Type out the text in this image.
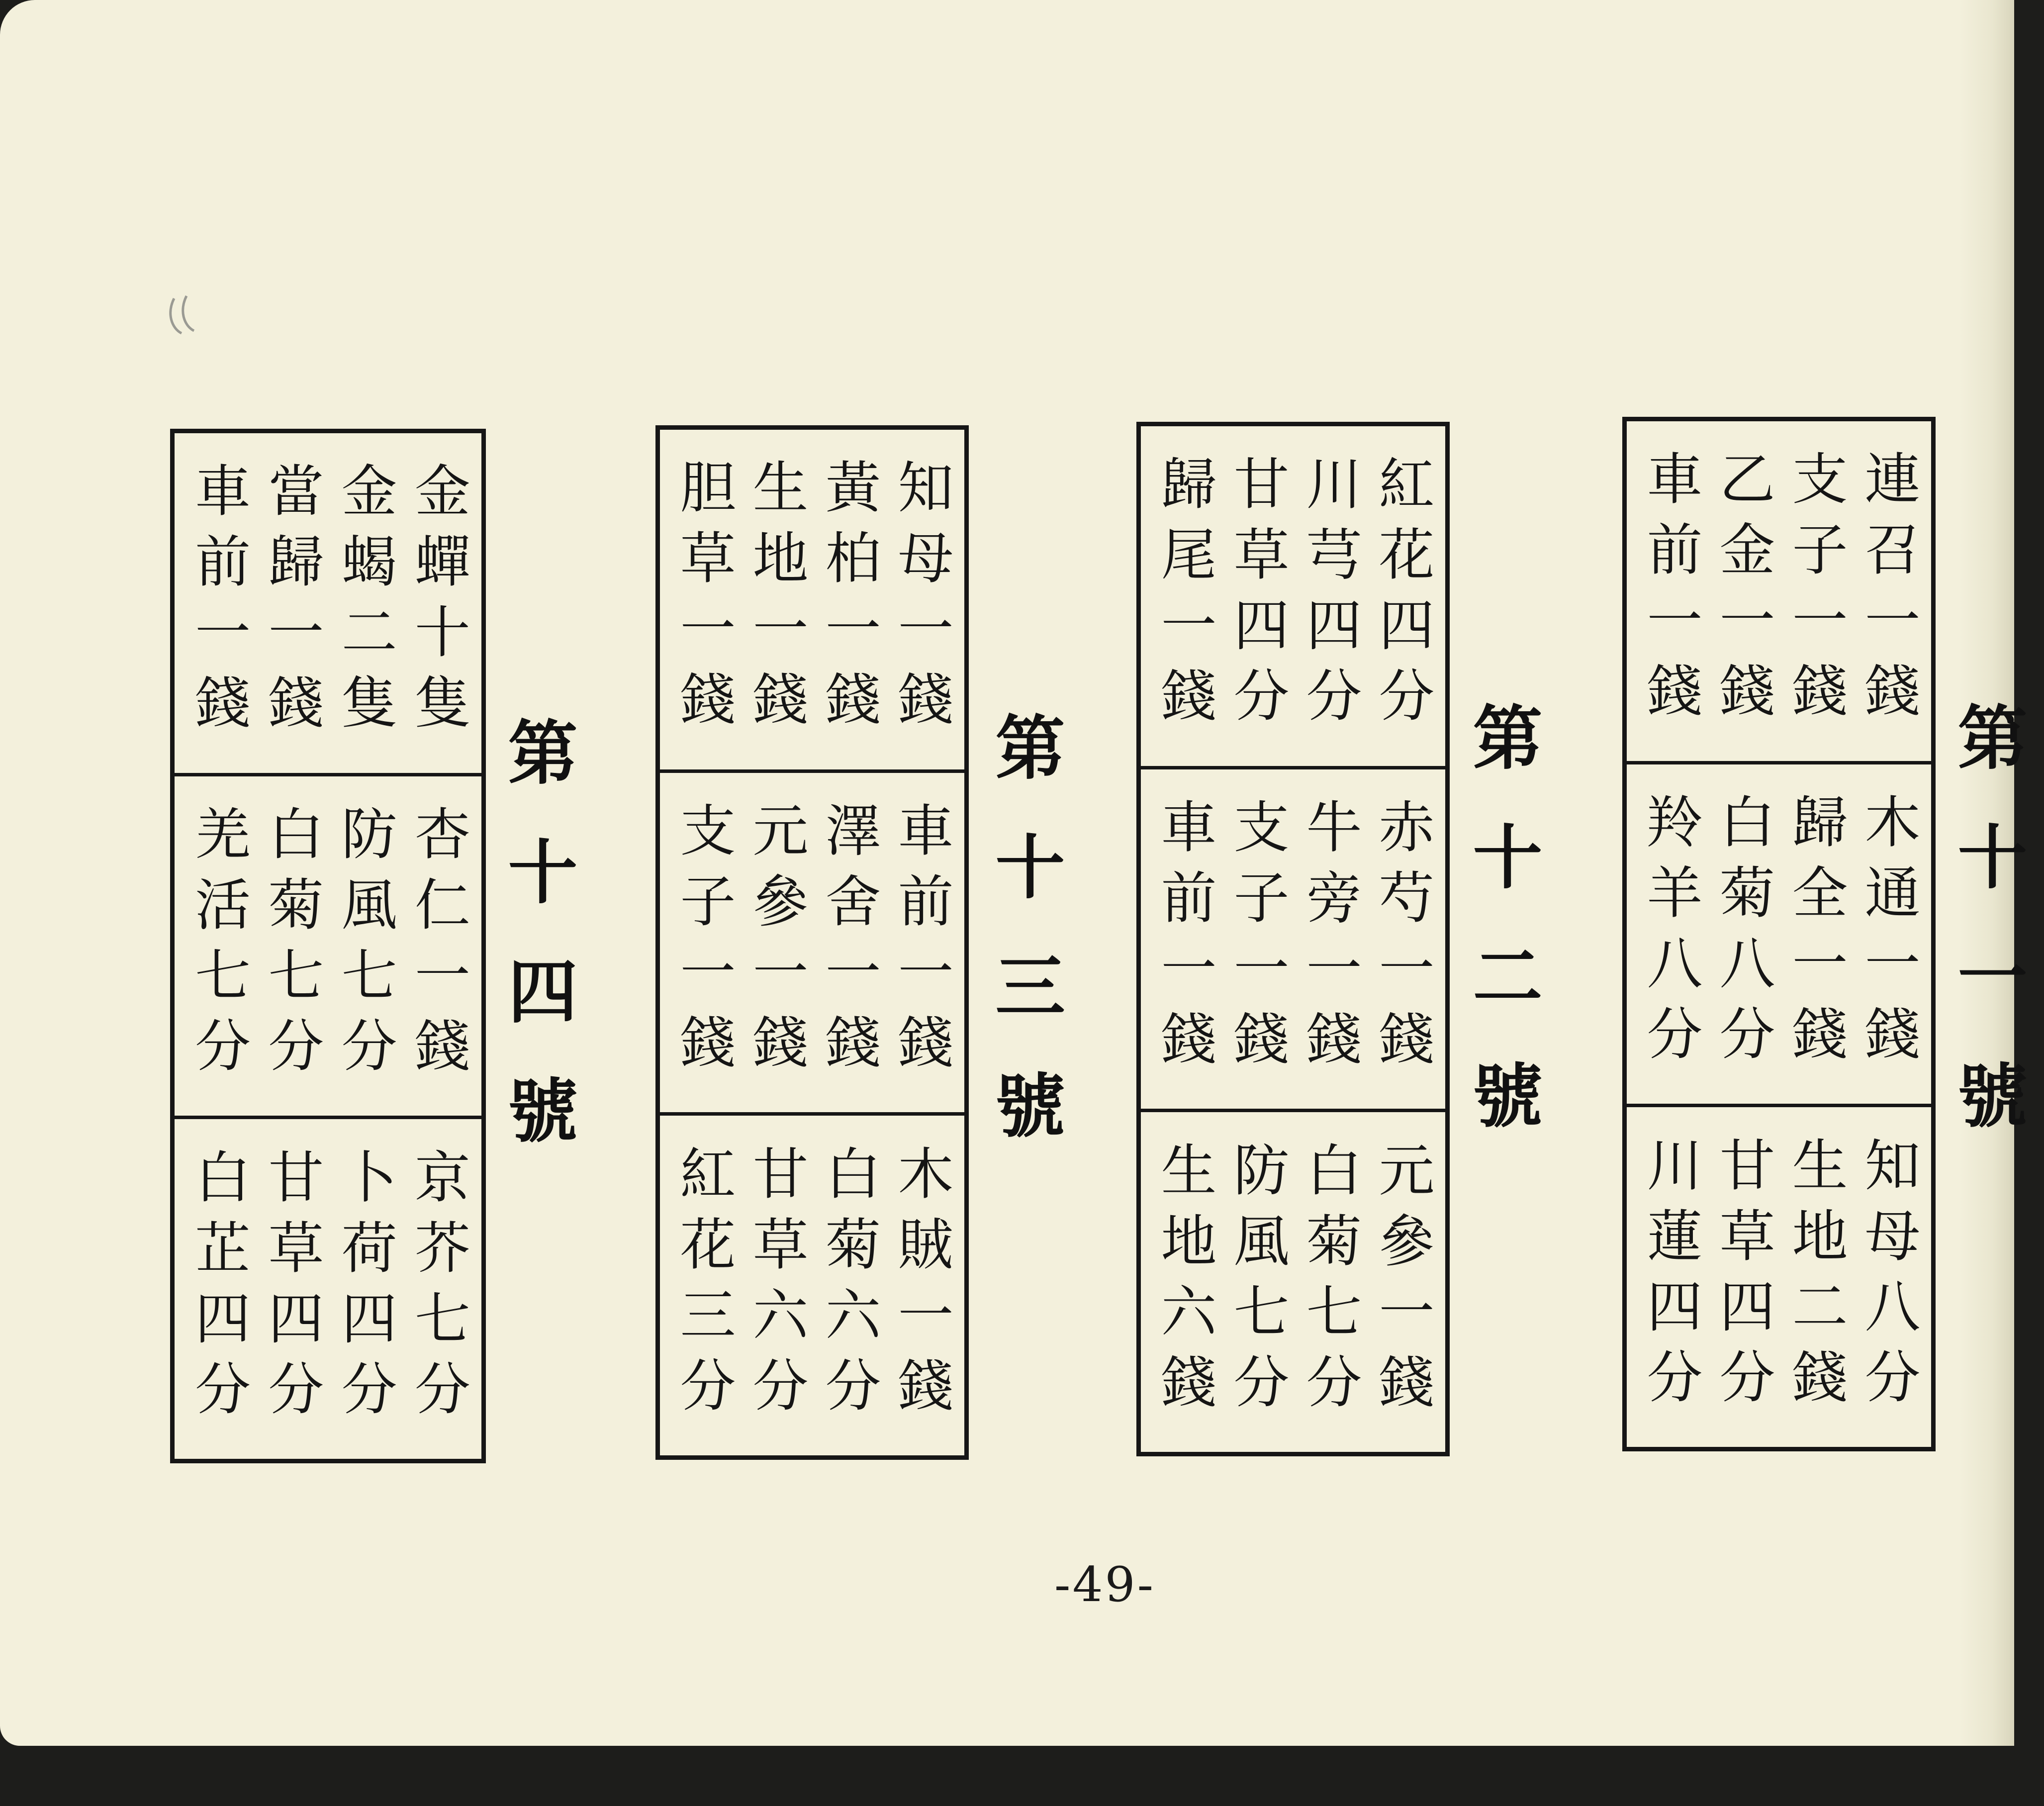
連召一錢
支子一錢
乙金一錢
車前一錢
木通一錢
歸全一錢
白菊八分
羚羊八分
知母八分
生地二錢
甘草四分
川蓮四分
第十一號
紅花四分
川芎四分
甘草四分
歸尾一錢
赤芍一錢
牛旁一錢
支子一錢
車前一錢
元參一錢
白菊七分
防風七分
生地六錢
第十二號
知母一錢
黃柏一錢
生地一錢
胆草一錢
車前一錢
澤舍一錢
元參一錢
支子一錢
木賊一錢
白菊六分
甘草六分
紅花三分
第十三號
金蟬十隻
金蝎二隻
當歸一錢
車前一錢
杏仁一錢
防風七分
白菊七分
羌活七分
京芥七分
卜荷四分
甘草四分
白芷四分
第十四號
-49-
